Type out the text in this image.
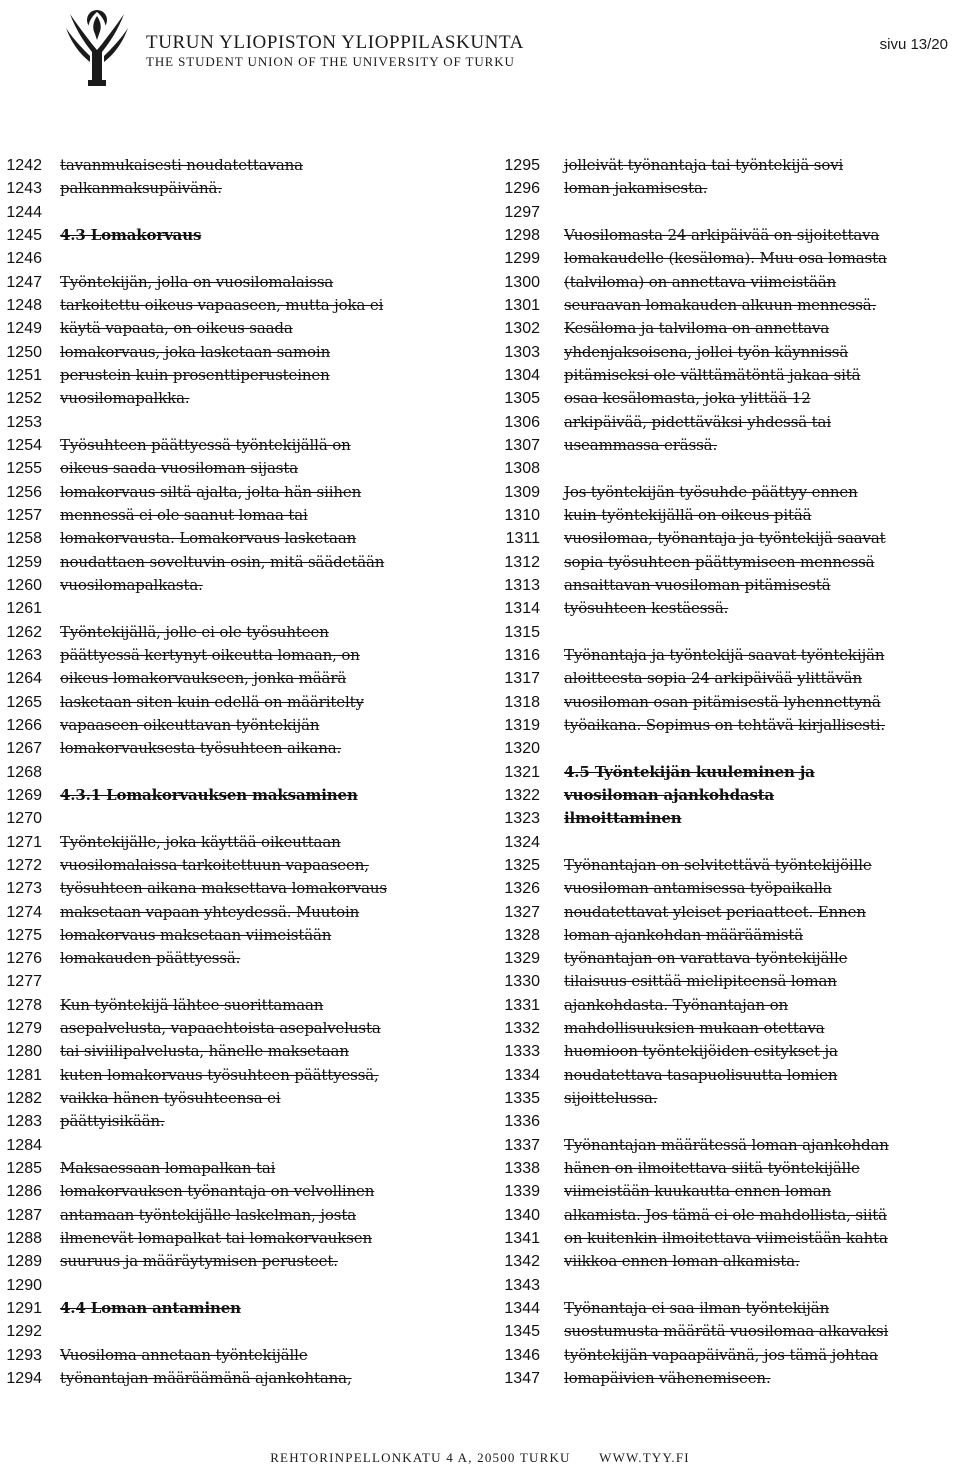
TURUN YLIOPISTON YLIOPPILASKUNTA
THE STUDENT UNION OF THE UNIVERSITY OF TURKU
sivu 13/20
1242 tavanmukaisesti noudatettavana
1243 palkanmaksupäivänä.
1244
1245 4.3 Lomakorvaus
1246
1247 Työntekijän, jolla on vuosilomalaissa
1248 tarkoitettu oikeus vapaaseen, mutta joka ei
1249 käytä vapaata, on oikeus saada
1250 lomakorvaus, joka lasketaan samoin
1251 perustein kuin prosenttiperusteinen
1252 vuosilomapalkka.
1253
1254 Työsuhteen päättyessä työntekijällä on
1255 oikeus saada vuosiloman sijasta
1256 lomakorvaus siltä ajalta, jolta hän siihen
1257 mennessä ei ole saanut lomaa tai
1258 lomakorvausta. Lomakorvaus lasketaan
1259 noudattaen soveltuvin osin, mitä säädetään
1260 vuosilomapalkasta.
1261
1262 Työntekijällä, jolle ei ole työsuhteen
1263 päättyessä kertynyt oikeutta lomaan, on
1264 oikeus lomakorvaukseen, jonka määrä
1265 lasketaan siten kuin edellä on määritelty
1266 vapaaseen oikeuttavan työntekijän
1267 lomakorvauksesta työsuhteen aikana.
1268
1269 4.3.1 Lomakorvauksen maksaminen
1270
1271 Työntekijälle, joka käyttää oikeuttaan
1272 vuosilomalaissa tarkoitettuun vapaaseen,
1273 työsuhteen aikana maksettava lomakorvaus
1274 maksetaan vapaan yhteydessä. Muutoin
1275 lomakorvaus maksetaan viimeistään
1276 lomakauden päättyessä.
1277
1278 Kun työntekijä lähtee suorittamaan
1279 asepalvelusta, vapaaehtoista asepalvelusta
1280 tai siviilipalvelusta, hänelle maksetaan
1281 kuten lomakorvaus työsuhteen päättyessä,
1282 vaikka hänen työsuhteensa ei
1283 päättyisikään.
1284
1285 Maksaessaan lomapalkan tai
1286 lomakorvauksen työnantaja on velvollinen
1287 antamaan työntekijälle laskelman, josta
1288 ilmenevät lomapalkat tai lomakorvauksen
1289 suuruus ja määräytymisen perusteet.
1290
1291 4.4 Loman antaminen
1292
1293 Vuosiloma annetaan työntekijälle
1294 työnantajan määräämänä ajankohtana,
1295 jolleivät työnantaja tai työntekijä sovi
1296 loman jakamisesta.
1297
1298 Vuosilomasta 24 arkipäivää on sijoitettava
1299 lomakaudelle (kesäloma). Muu osa lomasta
1300 (talviloma) on annettava viimeistään
1301 seuraavan lomakauden alkuun mennessä.
1302 Kesäloma ja talviloma on annettava
1303 yhdenjaksoisena, jollei työn käynnissä
1304 pitämiseksi ole välttämätöntä jakaa sitä
1305 osaa kesälomasta, joka ylittää 12
1306 arkipäivää, pidettäväksi yhdessä tai
1307 useammassa erässä.
1308
1309 Jos työntekijän työsuhde päättyy ennen
1310 kuin työntekijällä on oikeus pitää
1311 vuosilomaa, työnantaja ja työntekijä saavat
1312 sopia työsuhteen päättymiseen mennessä
1313 ansaittavan vuosiloman pitämisestä
1314 työsuhteen kestäessä.
1315
1316 Työnantaja ja työntekijä saavat työntekijän
1317 aloitteesta sopia 24 arkipäivää ylittävän
1318 vuosiloman osan pitämisestä lyhennettynä
1319 työaikana. Sopimus on tehtävä kirjallisesti.
1320
1321 4.5 Työntekijän kuuleminen ja
1322 vuosiloman ajankohdasta
1323 ilmoittaminen
1324
1325 Työnantajan on selvitettävä työntekijöille
1326 vuosiloman antamisessa työpaikalla
1327 noudatettavat yleiset periaatteet. Ennen
1328 loman ajankohdan määräämistä
1329 työnantajan on varattava työntekijälle
1330 tilaisuus esittää mielipiteensä loman
1331 ajankohdasta. Työnantajan on
1332 mahdollisuuksien mukaan otettava
1333 huomioon työntekijöiden esitykset ja
1334 noudatettava tasapuolisuutta lomien
1335 sijoittelussa.
1336
1337 Työnantajan määrätessä loman ajankohdan
1338 hänen on ilmoitettava siitä työntekijälle
1339 viimeistään kuukautta ennen loman
1340 alkamista. Jos tämä ei ole mahdollista, siitä
1341 on kuitenkin ilmoitettava viimeistään kahta
1342 viikkoa ennen loman alkamista.
1343
1344 Työnantaja ei saa ilman työntekijän
1345 suostumusta määrätä vuosilomaa alkavaksi
1346 työntekijän vapaapäivänä, jos tämä johtaa
1347 lomapäivien vähenemiseen.
REHTORINPELLONKATU 4 A, 20500 TURKU WWW.TYY.FI
